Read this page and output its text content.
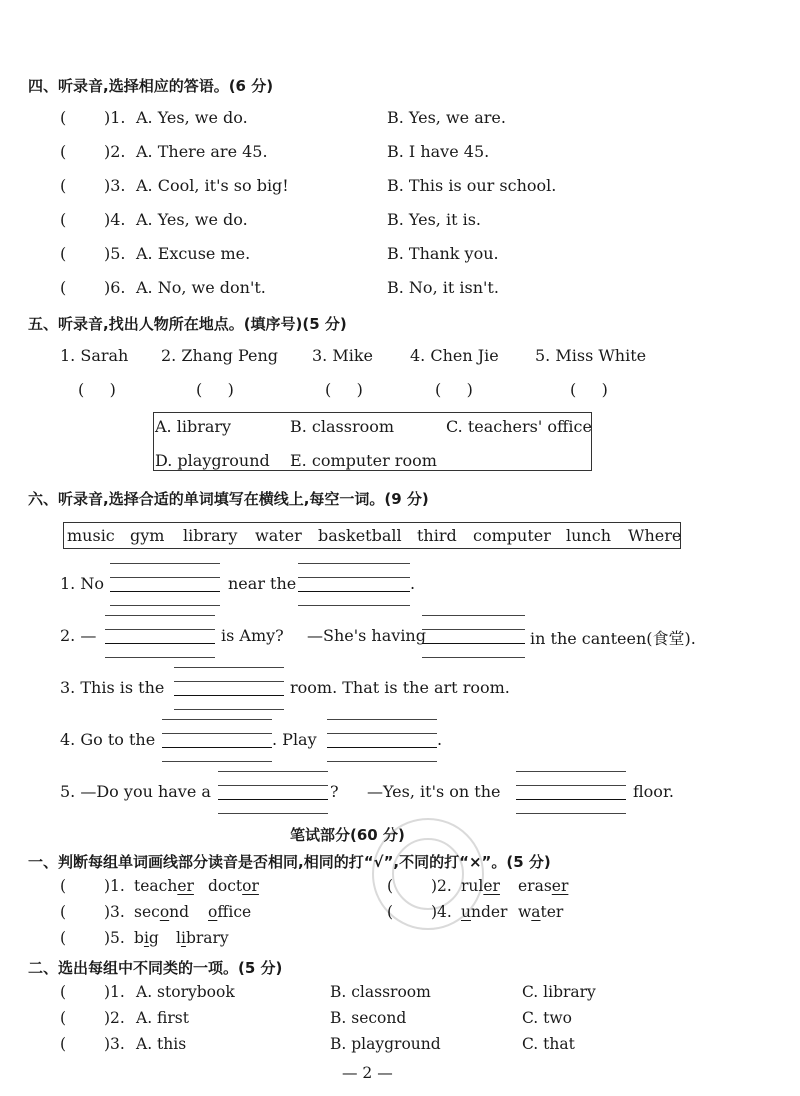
四、听录音,选择相应的答语。(6 分)
( )1. A. Yes, we do.	B. Yes, we are.
( )2. A. There are 45.	B. I have 45.
( )3. A. Cool, it's so big!	B. This is our school.
( )4. A. Yes, we do.	B. Yes, it is.
( )5. A. Excuse me.	B. Thank you.
( )6. A. No, we don't.	B. No, it isn't.
五、听录音,找出人物所在地点。(填序号)(5 分)
1. Sarah 2. Zhang Peng 3. Mike 4. Chen Jie 5. Miss White
(     )	(     )	(     )	(     )	(     )
A. library	B. classroom	C. teachers' office
D. playground E. computer room
六、听录音,选择合适的单词填写在横线上,每空一词。(9 分)
music gym library water basketball third computer lunch Where
1. No	near the	.
2. —	is Amy? —She's having	in the canteen(食堂).
3. This is the	room. That is the art room.
4. Go to the	. Play	.
5. —Do you have a	? —Yes, it's on the	floor.
笔试部分(60 分)
一、判断每组单词画线部分读音是否相同,相同的打“√”,不同的打“×”。(5 分)
( )1. teacher doctor	( )2. ruler eraser
( )3. second office	( )4. under water
( )5. big library
二、选出每组中不同类的一项。(5 分)
( )1. A. storybook	B. classroom	C. library
( )2. A. first	B. second	C. two
( )3. A. this	B. playground	C. that
— 2 —
